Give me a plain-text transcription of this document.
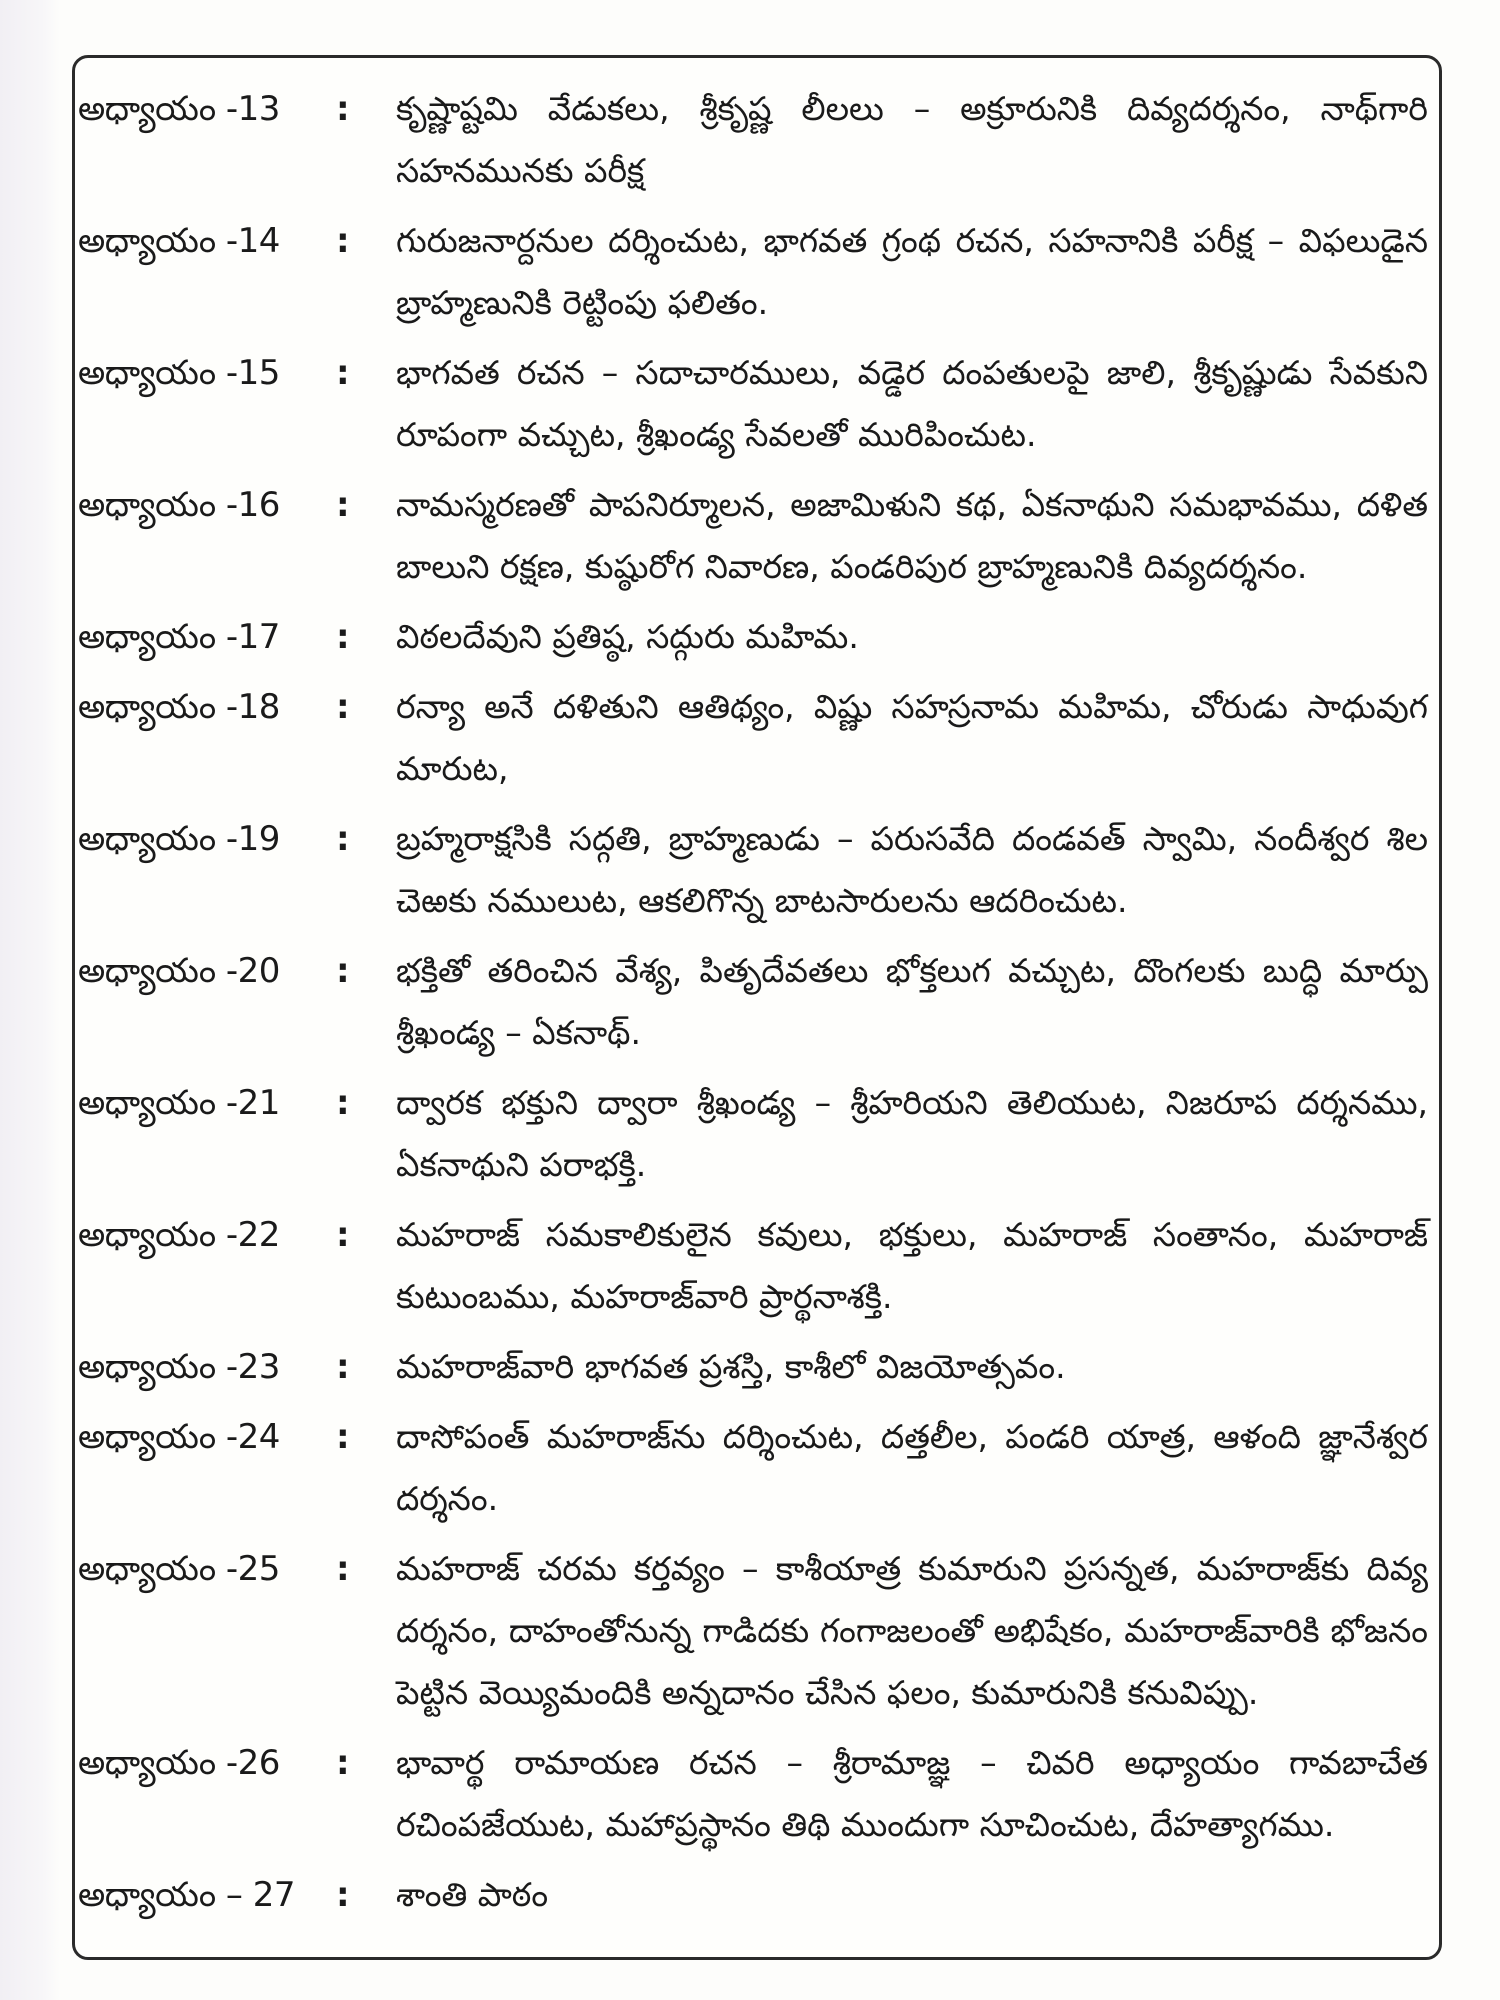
అధ్యాయం -13	:	కృష్ణాష్టమి వేడుకలు, శ్రీకృష్ణ లీలలు – అక్రూరునికి దివ్యదర్శనం, నాథ్‌గారి సహనమునకు పరీక్ష
అధ్యాయం -14	:	గురుజనార్దనుల దర్శించుట, భాగవత గ్రంథ రచన, సహనానికి పరీక్ష – విఫలుడైన బ్రాహ్మణునికి రెట్టింపు ఫలితం.
అధ్యాయం -15	:	భాగవత రచన – సదాచారములు, వడ్డెర దంపతులపై జాలి, శ్రీకృష్ణుడు సేవకుని రూపంగా వచ్చుట, శ్రీఖండ్య సేవలతో మురిపించుట.
అధ్యాయం -16	:	నామస్మరణతో పాపనిర్మూలన, అజామిళుని కథ, ఏకనాథుని సమభావము, దళిత బాలుని రక్షణ, కుష్ఠురోగ నివారణ, పండరిపుర బ్రాహ్మణునికి దివ్యదర్శనం.
అధ్యాయం -17	:	విఠలదేవుని ప్రతిష్ఠ, సద్గురు మహిమ.
అధ్యాయం -18	:	రన్యా అనే దళితుని ఆతిథ్యం, విష్ణు సహస్రనామ మహిమ, చోరుడు సాధువుగ మారుట,
అధ్యాయం -19	:	బ్రహ్మరాక్షసికి సద్గతి, బ్రాహ్మణుడు – పరుసవేది దండవత్ స్వామి, నందీశ్వర శిల చెఱకు నములుట, ఆకలిగొన్న బాటసారులను ఆదరించుట.
అధ్యాయం -20	:	భక్తితో తరించిన వేశ్య, పితృదేవతలు భోక్తలుగ వచ్చుట, దొంగలకు బుద్ధి మార్పు శ్రీఖండ్య – ఏకనాథ్.
అధ్యాయం -21	:	ద్వారక భక్తుని ద్వారా శ్రీఖండ్య – శ్రీహరియని తెలియుట, నిజరూప దర్శనము, ఏకనాథుని పరాభక్తి.
అధ్యాయం -22	:	మహరాజ్ సమకాలికులైన కవులు, భక్తులు, మహరాజ్ సంతానం, మహరాజ్ కుటుంబము, మహరాజ్‌వారి ప్రార్థనాశక్తి.
అధ్యాయం -23	:	మహరాజ్‌వారి భాగవత ప్రశస్తి, కాశీలో విజయోత్సవం.
అధ్యాయం -24	:	దాసోపంత్ మహరాజ్‌ను దర్శించుట, దత్తలీల, పండరి యాత్ర, ఆళంది జ్ఞానేశ్వర దర్శనం.
అధ్యాయం -25	:	మహరాజ్ చరమ కర్తవ్యం – కాశీయాత్ర కుమారుని ప్రసన్నత, మహరాజ్‌కు దివ్య దర్శనం, దాహంతోనున్న గాడిదకు గంగాజలంతో అభిషేకం, మహరాజ్‌వారికి భోజనం పెట్టిన వెయ్యిమందికి అన్నదానం చేసిన ఫలం, కుమారునికి కనువిప్పు.
అధ్యాయం -26	:	భావార్థ రామాయణ రచన – శ్రీరామాజ్ఞ – చివరి అధ్యాయం గావబాచేత రచింపజేయుట, మహాప్రస్థానం తిథి ముందుగా సూచించుట, దేహత్యాగము.
అధ్యాయం – 27	:	శాంతి పాఠం
